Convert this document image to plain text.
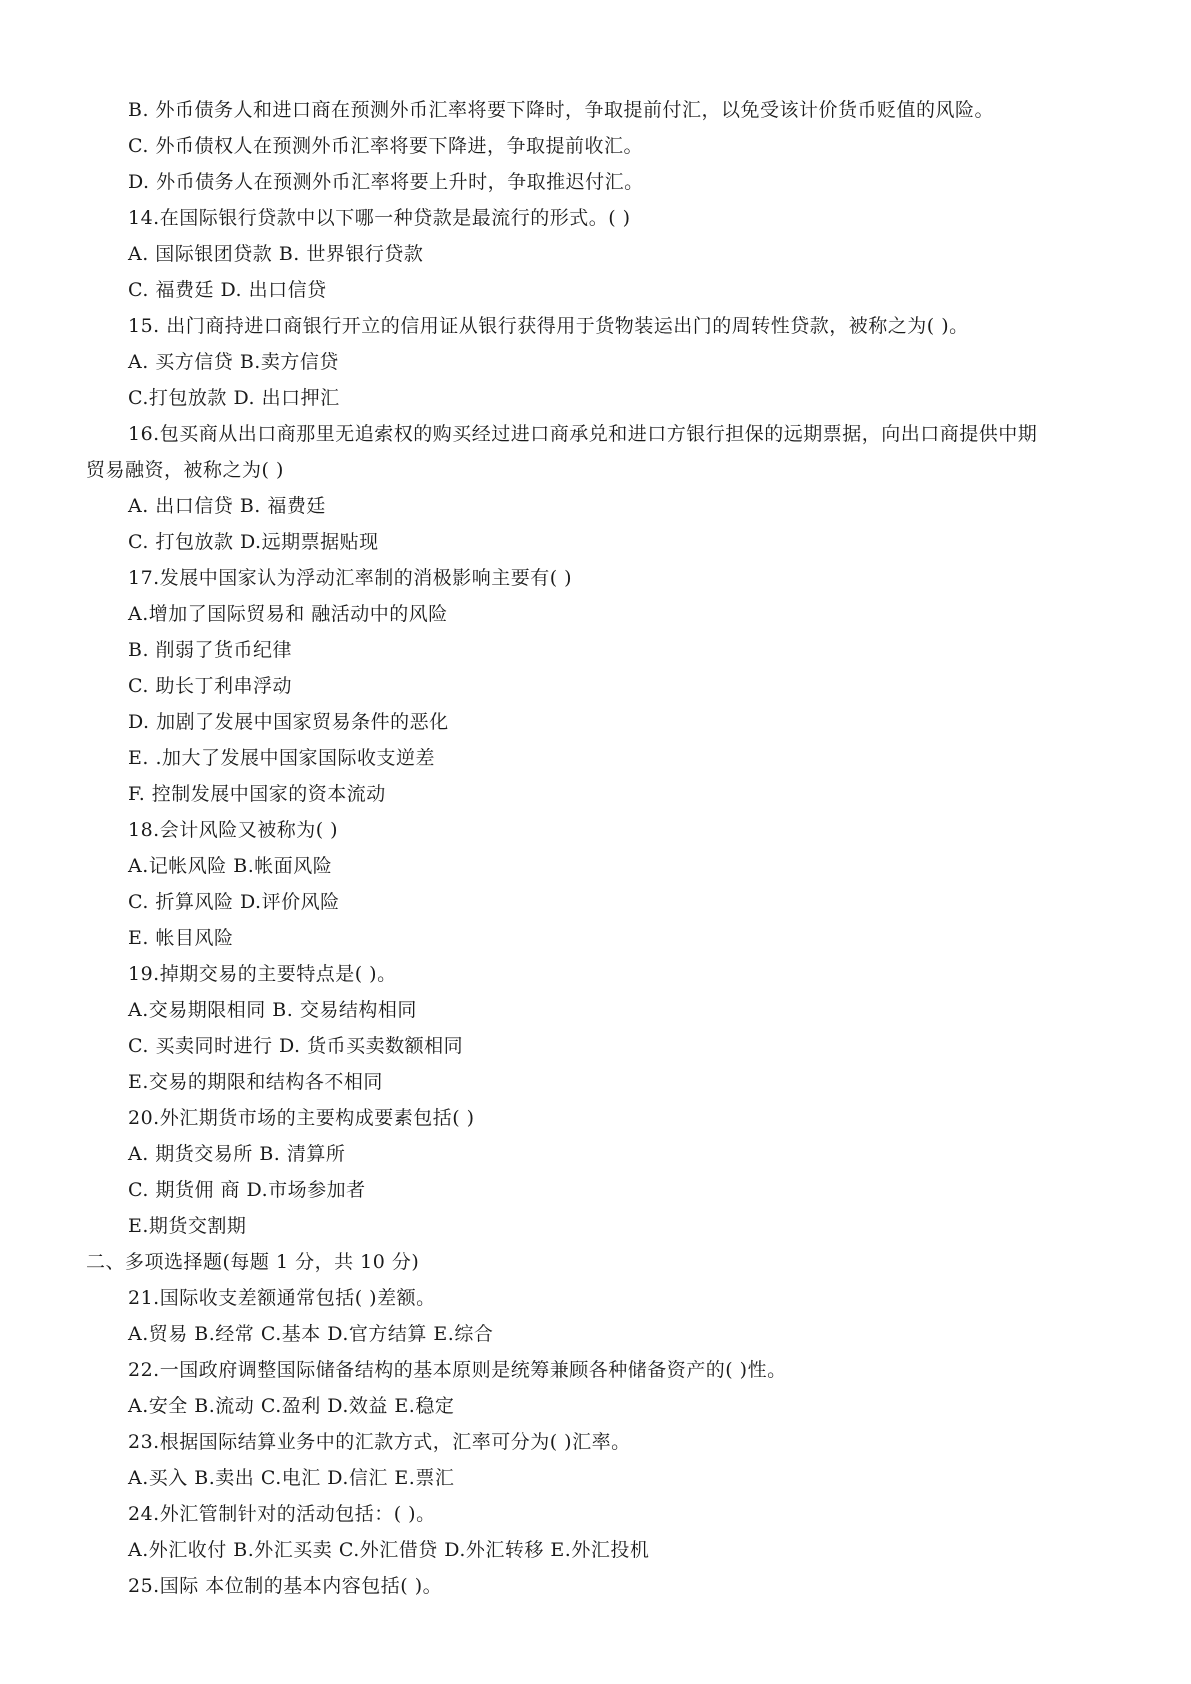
B. 外币债务人和进口商在预测外币汇率将要下降时，争取提前付汇，以免受该计价货币贬值的风险。
C. 外币债权人在预测外币汇率将要下降进，争取提前收汇。
D. 外币债务人在预测外币汇率将要上升时，争取推迟付汇。
14.在国际银行贷款中以下哪一种贷款是最流行的形式。( )
A. 国际银团贷款 B. 世界银行贷款
C. 福费廷 D. 出口信贷
15. 出门商持进口商银行开立的信用证从银行获得用于货物装运出门的周转性贷款，被称之为( )。
A. 买方信贷 B.卖方信贷
C.打包放款 D. 出口押汇
16.包买商从出口商那里无追索权的购买经过进口商承兑和进口方银行担保的远期票据，向出口商提供中期
贸易融资，被称之为( )
A. 出口信贷 B. 福费廷
C. 打包放款 D.远期票据贴现
17.发展中国家认为浮动汇率制的消极影响主要有( )
A.增加了国际贸易和 融活动中的风险
B. 削弱了货币纪律
C. 助长丁利串浮动
D. 加剧了发展中国家贸易条件的恶化
E. .加大了发展中国家国际收支逆差
F. 控制发展中国家的资本流动
18.会计风险又被称为( )
A.记帐风险 B.帐面风险
C. 折算风险 D.评价风险
E. 帐目风险
19.掉期交易的主要特点是( )。
A.交易期限相同 B. 交易结构相同
C. 买卖同时进行 D. 货币买卖数额相同
E.交易的期限和结构各不相同
20.外汇期货市场的主要构成要素包括( )
A. 期货交易所 B. 清算所
C. 期货佣 商 D.市场参加者
E.期货交割期
二、多项选择题(每题 1 分，共 10 分)
21.国际收支差额通常包括( )差额。
A.贸易 B.经常 C.基本 D.官方结算 E.综合
22.一国政府调整国际储备结构的基本原则是统筹兼顾各种储备资产的( )性。
A.安全 B.流动 C.盈利 D.效益 E.稳定
23.根据国际结算业务中的汇款方式，汇率可分为( )汇率。
A.买入 B.卖出 C.电汇 D.信汇 E.票汇
24.外汇管制针对的活动包括：( )。
A.外汇收付 B.外汇买卖 C.外汇借贷 D.外汇转移 E.外汇投机
25.国际 本位制的基本内容包括( )。
